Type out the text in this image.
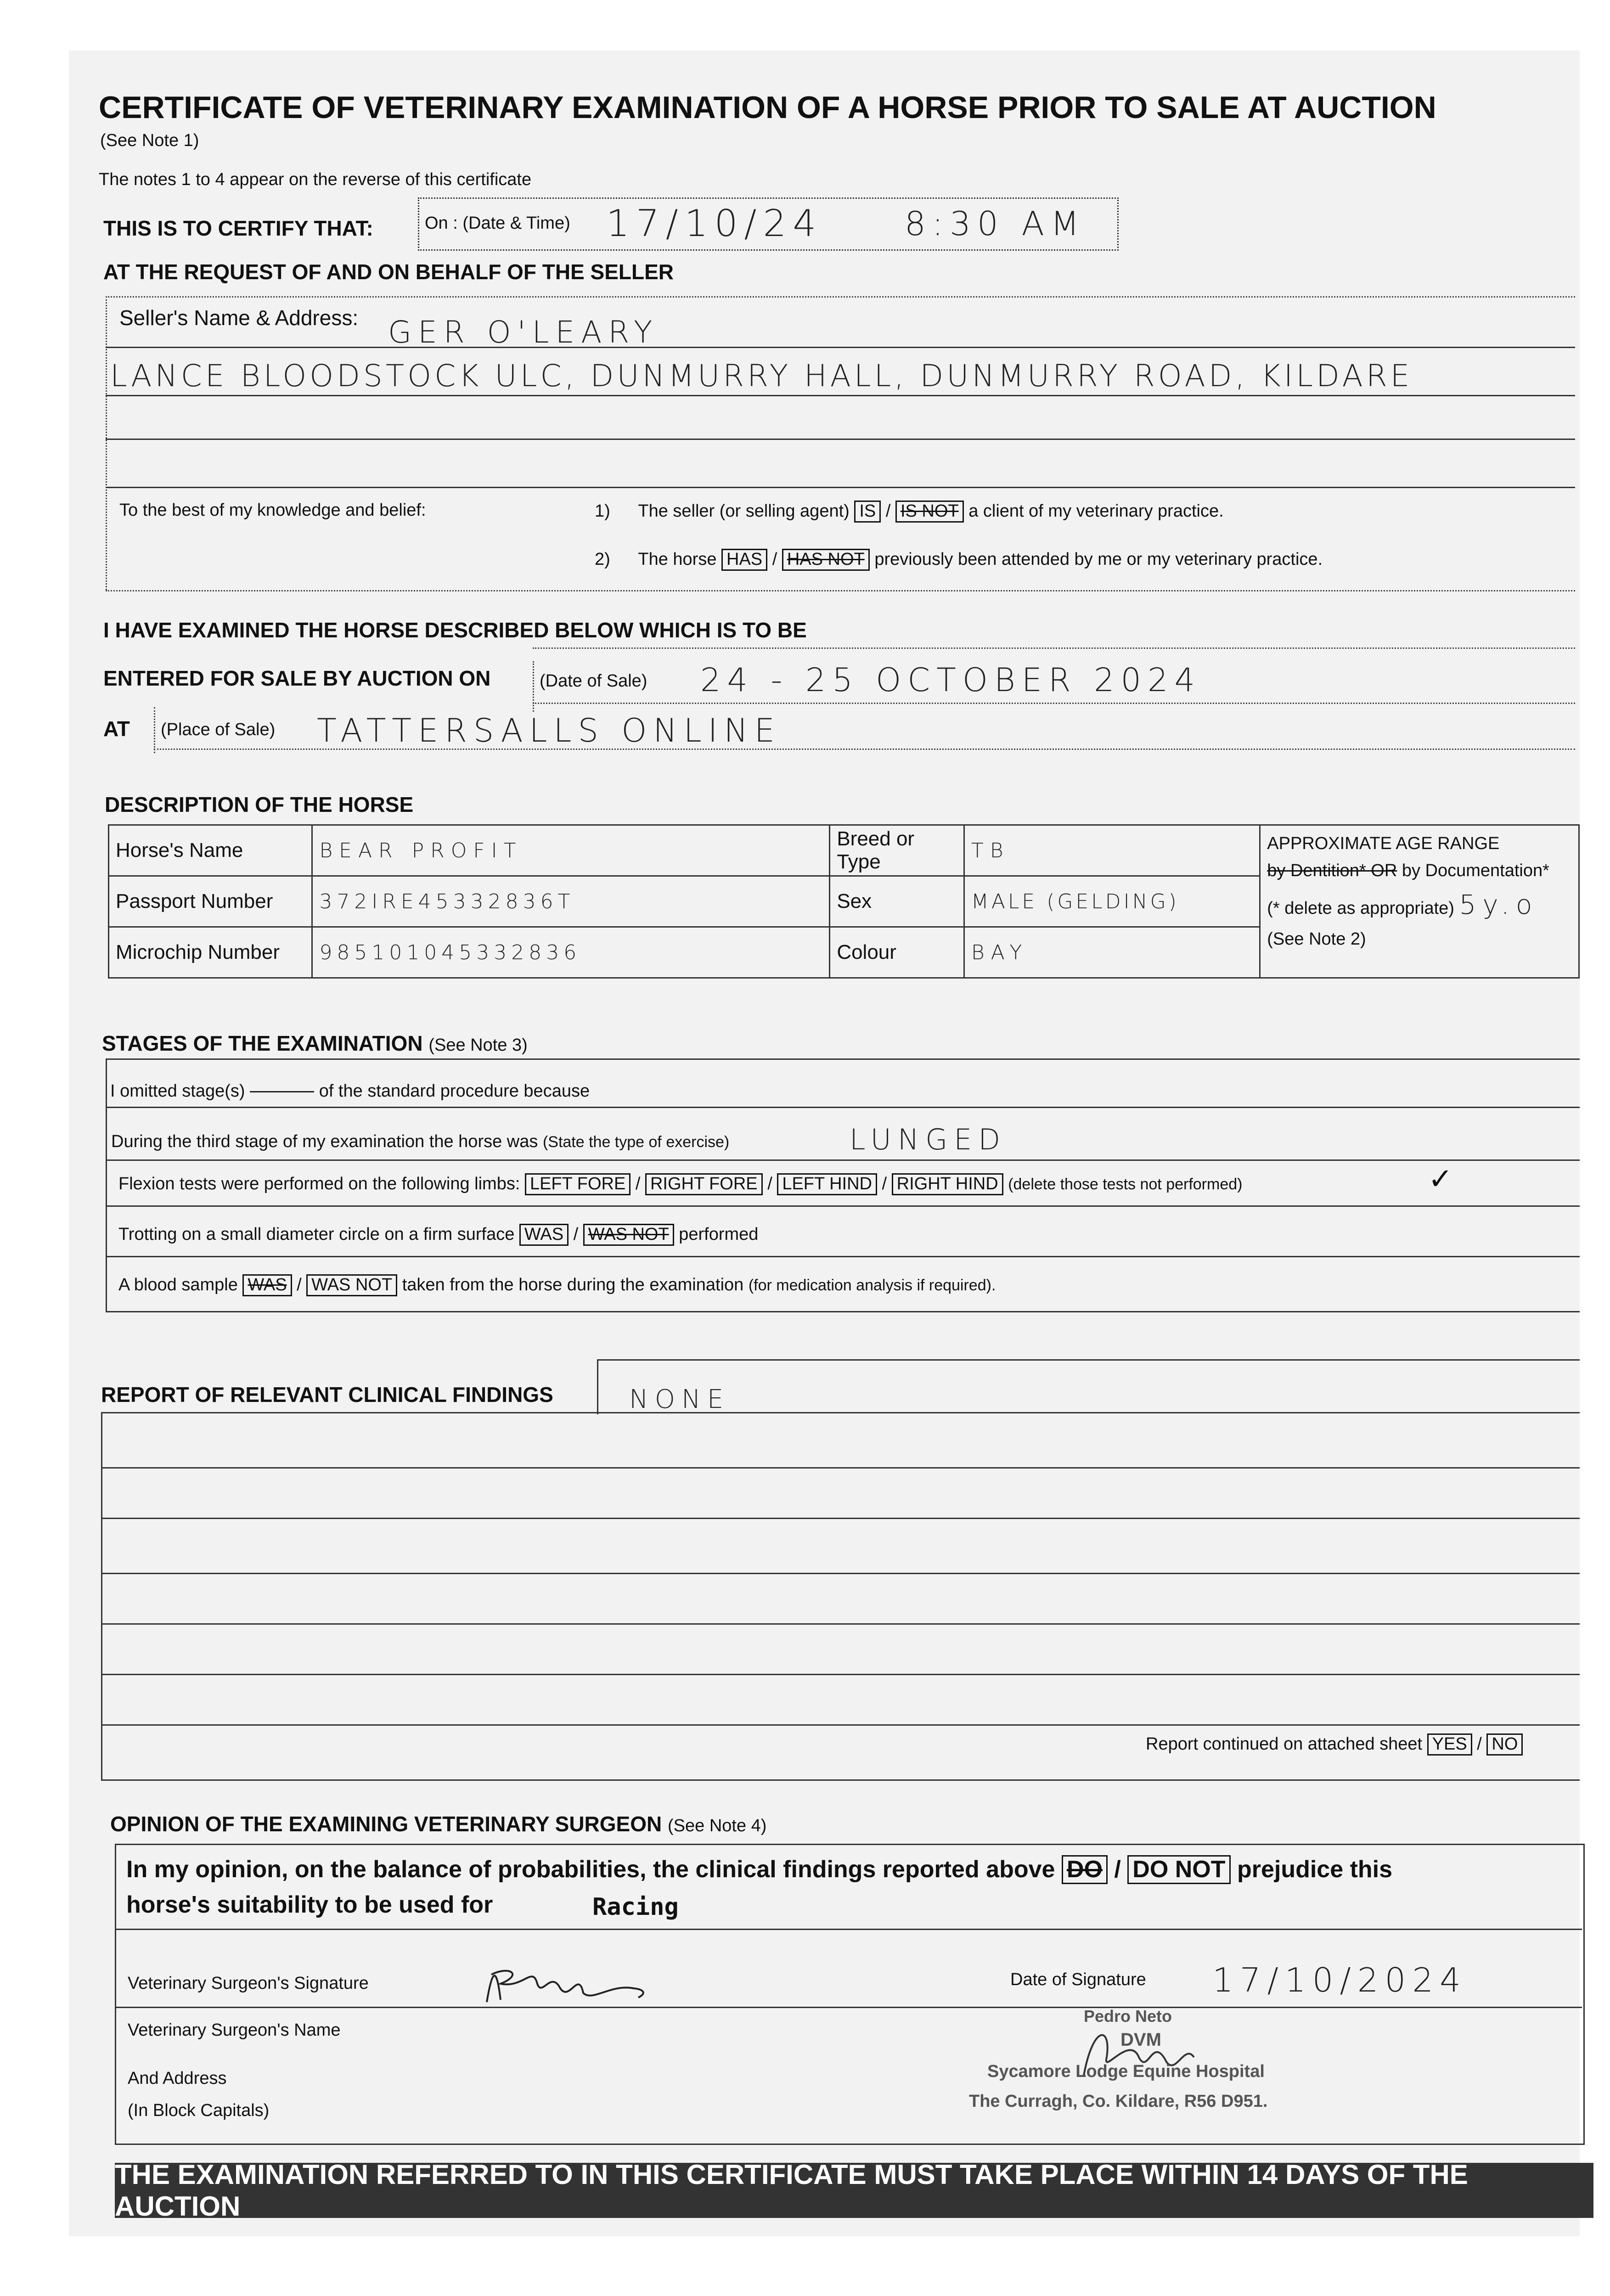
CERTIFICATE OF VETERINARY EXAMINATION OF A HORSE PRIOR TO SALE AT AUCTION
(See Note 1)
The notes 1 to 4 appear on the reverse of this certificate
THIS IS TO CERTIFY THAT:	On : (Date & Time) 17/10/24 8:30 AM
AT THE REQUEST OF AND ON BEHALF OF THE SELLER
Seller's Name & Address: GER O'LEARY
LANCE BLOODSTOCK ULC, DUNMURRY HALL, DUNMURRY ROAD, KILDARE
To the best of my knowledge and belief:	1) The seller (or selling agent) IS / IS NOT a client of my veterinary practice.
2) The horse HAS / HAS NOT previously been attended by me or my veterinary practice.
I HAVE EXAMINED THE HORSE DESCRIBED BELOW WHICH IS TO BE
ENTERED FOR SALE BY AUCTION ON	(Date of Sale) 24 - 25 OCTOBER 2024
AT (Place of Sale) TATTERSALLS ONLINE
DESCRIPTION OF THE HORSE
Horse's Name	BEAR PROFIT	Breed or Type	TB	APPROXIMATE AGE RANGE
by Dentition* OR by Documentation*
(* delete as appropriate) 5y.o
(See Note 2)

Passport Number	372IRE45332836T	Sex	MALE (GELDING)	
Microchip Number	985101045332836	Colour	BAY	
STAGES OF THE EXAMINATION (See Note 3)
I omitted stage(s)	of the standard procedure because
During the third stage of my examination the horse was (State the type of exercise)	LUNGED
Flexion tests were performed on the following limbs: LEFT FORE / RIGHT FORE / LEFT HIND / RIGHT HIND (delete those tests not performed)	✓
Trotting on a small diameter circle on a firm surface WAS / WAS NOT performed
A blood sample WAS / WAS NOT taken from the horse during the examination (for medication analysis if required).
REPORT OF RELEVANT CLINICAL FINDINGS	NONE
Report continued on attached sheet YES / NO
OPINION OF THE EXAMINING VETERINARY SURGEON (See Note 4)
In my opinion, on the balance of probabilities, the clinical findings reported above DO / DO NOT prejudice this
horse's suitability to be used for	Racing
Veterinary Surgeon's Signature	Date of Signature 17/10/2024
Veterinary Surgeon's Name
And Address
(In Block Capitals)
Pedro Neto
DVM
Sycamore Lodge Equine Hospital
The Curragh, Co. Kildare, R56 D951.
THE EXAMINATION REFERRED TO IN THIS CERTIFICATE MUST TAKE PLACE WITHIN 14 DAYS OF THE AUCTION
